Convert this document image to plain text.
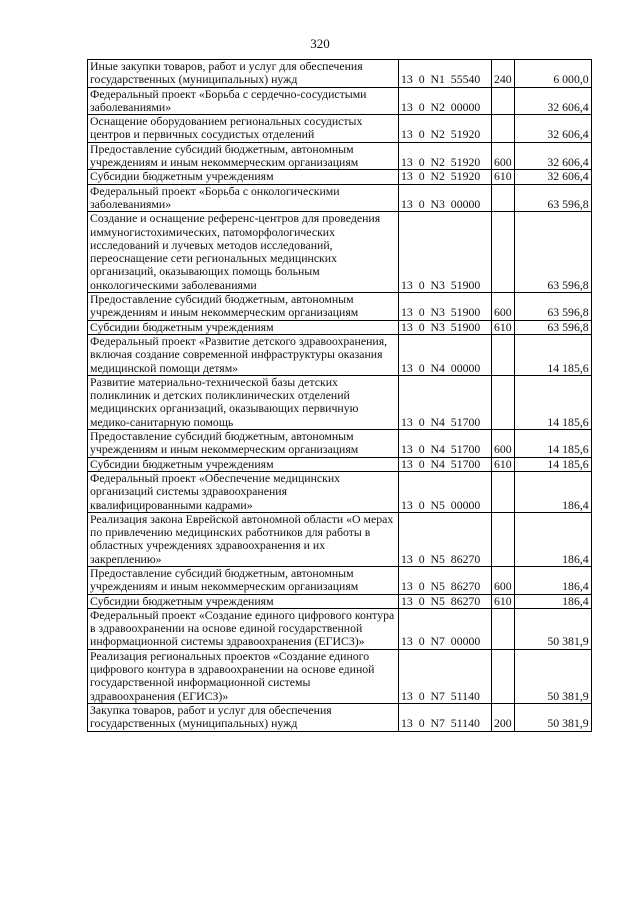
320
Иные закупки товаров, работ и услуг для обеспечения государственных (муниципальных) нужд	13  0  N1  55540	240	6 000,0
Федеральный проект «Борьба с сердечно-сосудистыми заболеваниями»	13  0  N2  00000		32 606,4
Оснащение оборудованием региональных сосудистых центров и первичных сосудистых отделений	13  0  N2  51920		32 606,4
Предоставление субсидий бюджетным, автономным учреждениям и иным некоммерческим организациям	13  0  N2  51920	600	32 606,4
Субсидии бюджетным учреждениям	13  0  N2  51920	610	32 606,4
Федеральный проект «Борьба с онкологическими заболеваниями»	13  0  N3  00000		63 596,8
Создание и оснащение референс-центров для проведения иммуногистохимических, патоморфологических исследований и лучевых методов исследований, переоснащение сети региональных медицинских организаций, оказывающих помощь больным онкологическими заболеваниями	13  0  N3  51900		63 596,8
Предоставление субсидий бюджетным, автономным учреждениям и иным некоммерческим организациям	13  0  N3  51900	600	63 596,8
Субсидии бюджетным учреждениям	13  0  N3  51900	610	63 596,8
Федеральный проект «Развитие детского здравоохранения, включая создание современной инфраструктуры оказания медицинской помощи детям»	13  0  N4  00000		14 185,6
Развитие материально-технической базы детских поликлиник и детских поликлинических отделений медицинских организаций, оказывающих первичную медико-санитарную помощь	13  0  N4  51700		14 185,6
Предоставление субсидий бюджетным, автономным учреждениям и иным некоммерческим организациям	13  0  N4  51700	600	14 185,6
Субсидии бюджетным учреждениям	13  0  N4  51700	610	14 185,6
Федеральный проект «Обеспечение медицинских организаций системы здравоохранения квалифицированными кадрами»	13  0  N5  00000		186,4
Реализация закона Еврейской автономной области «О мерах по привлечению медицинских работников для работы в областных учреждениях здравоохранения и их закреплению»	13  0  N5  86270		186,4
Предоставление субсидий бюджетным, автономным учреждениям и иным некоммерческим организациям	13  0  N5  86270	600	186,4
Субсидии бюджетным учреждениям	13  0  N5  86270	610	186,4
Федеральный проект «Создание единого цифрового контура в здравоохранении на основе единой государственной информационной системы здравоохранения (ЕГИСЗ)»	13  0  N7  00000		50 381,9
Реализация региональных проектов «Создание единого цифрового контура в здравоохранении на основе единой государственной информационной системы здравоохранения (ЕГИСЗ)»	13  0  N7  51140		50 381,9
Закупка товаров, работ и услуг для обеспечения государственных (муниципальных) нужд	13  0  N7  51140	200	50 381,9
